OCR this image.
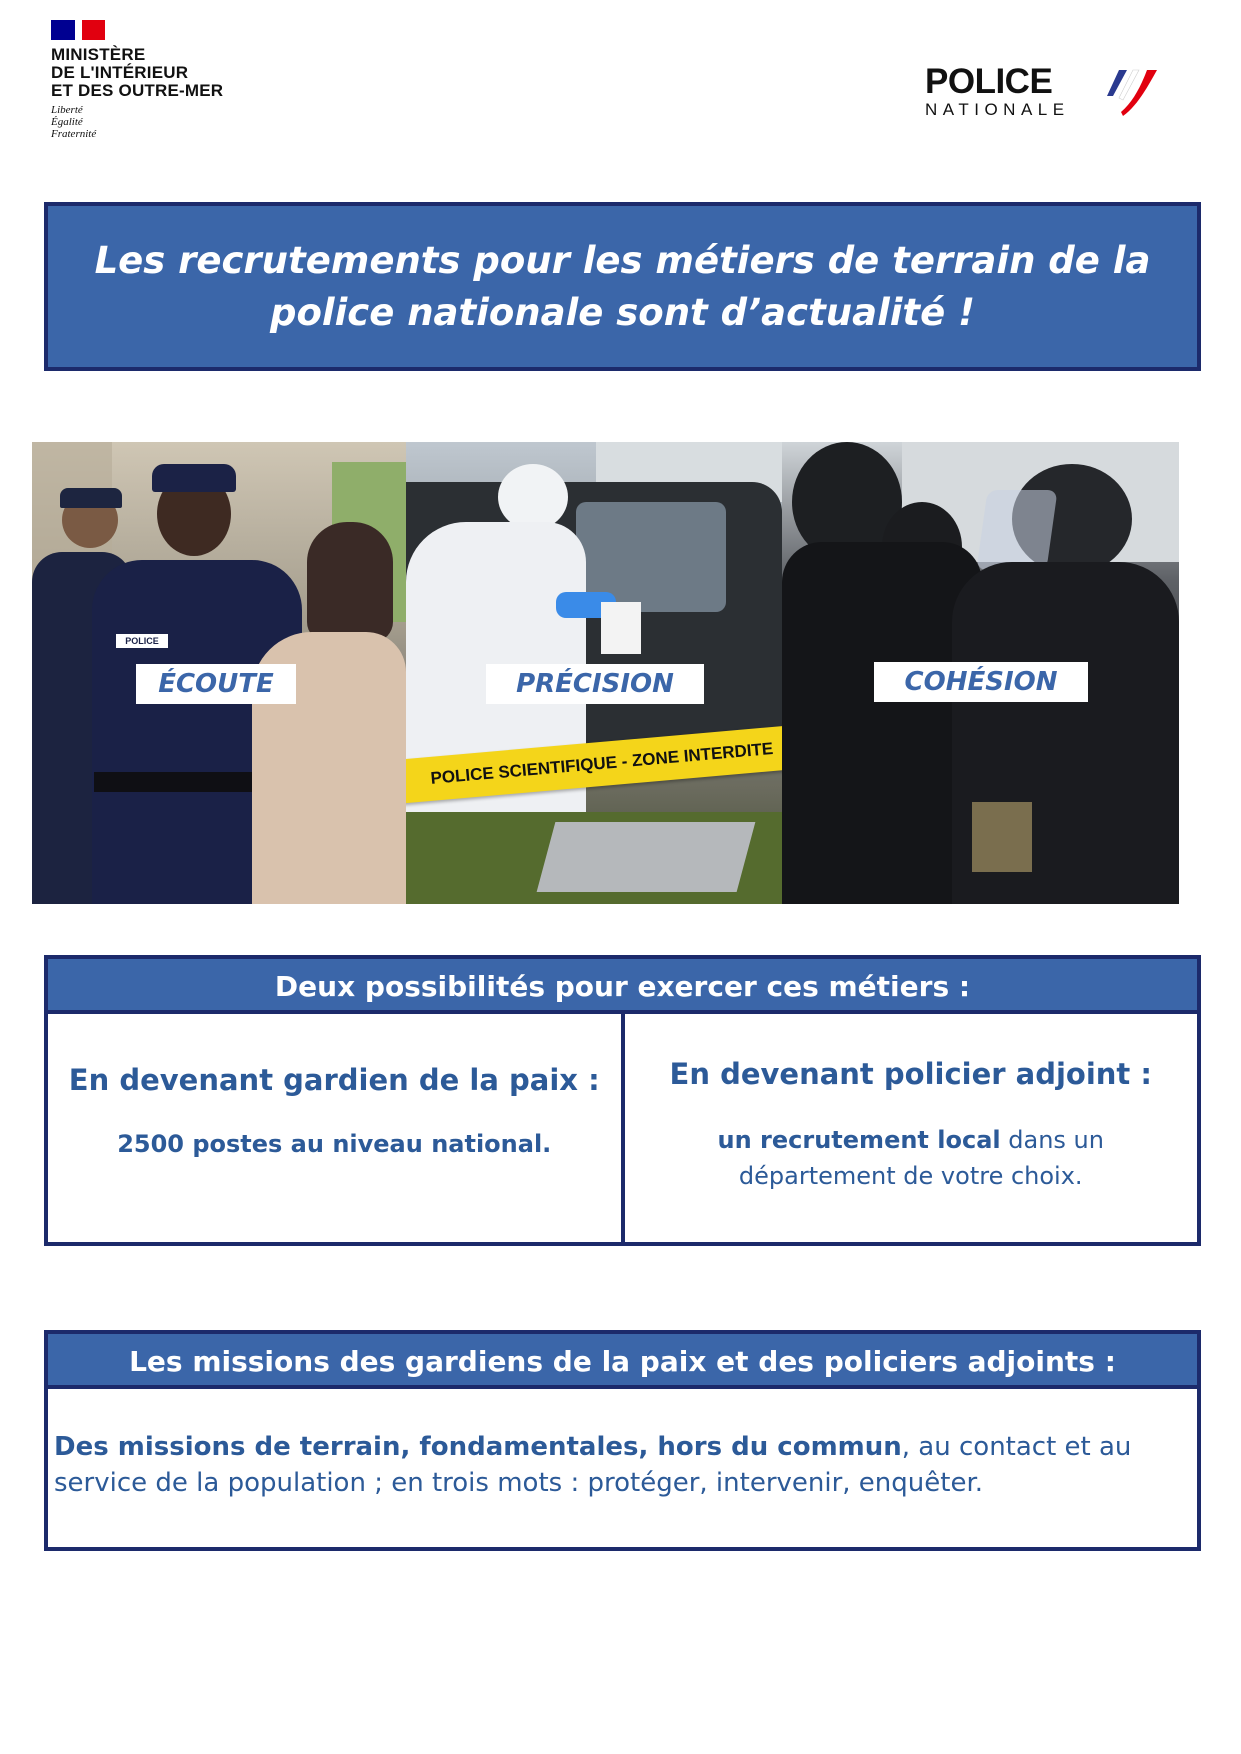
MINISTÈRE
DE L'INTÉRIEUR
ET DES OUTRE-MER
Liberté
Égalité
Fraternité
POLICE
NATIONALE
Les recrutements pour les métiers de terrain de la police nationale sont d’actualité !
POLICE
ÉCOUTE
POLICE SCIENTIFIQUE - ZONE INTERDITE
PRÉCISION	COHÉSION
Deux possibilités pour exercer ces métiers :
En devenant gardien de la paix :
2500 postes au niveau national.
En devenant policier adjoint :
un recrutement local dans un département de votre choix.
Les missions des gardiens de la paix et des policiers adjoints :
Des missions de terrain, fondamentales, hors du commun, au contact et au service de la population ; en trois mots : protéger, intervenir, enquêter.
